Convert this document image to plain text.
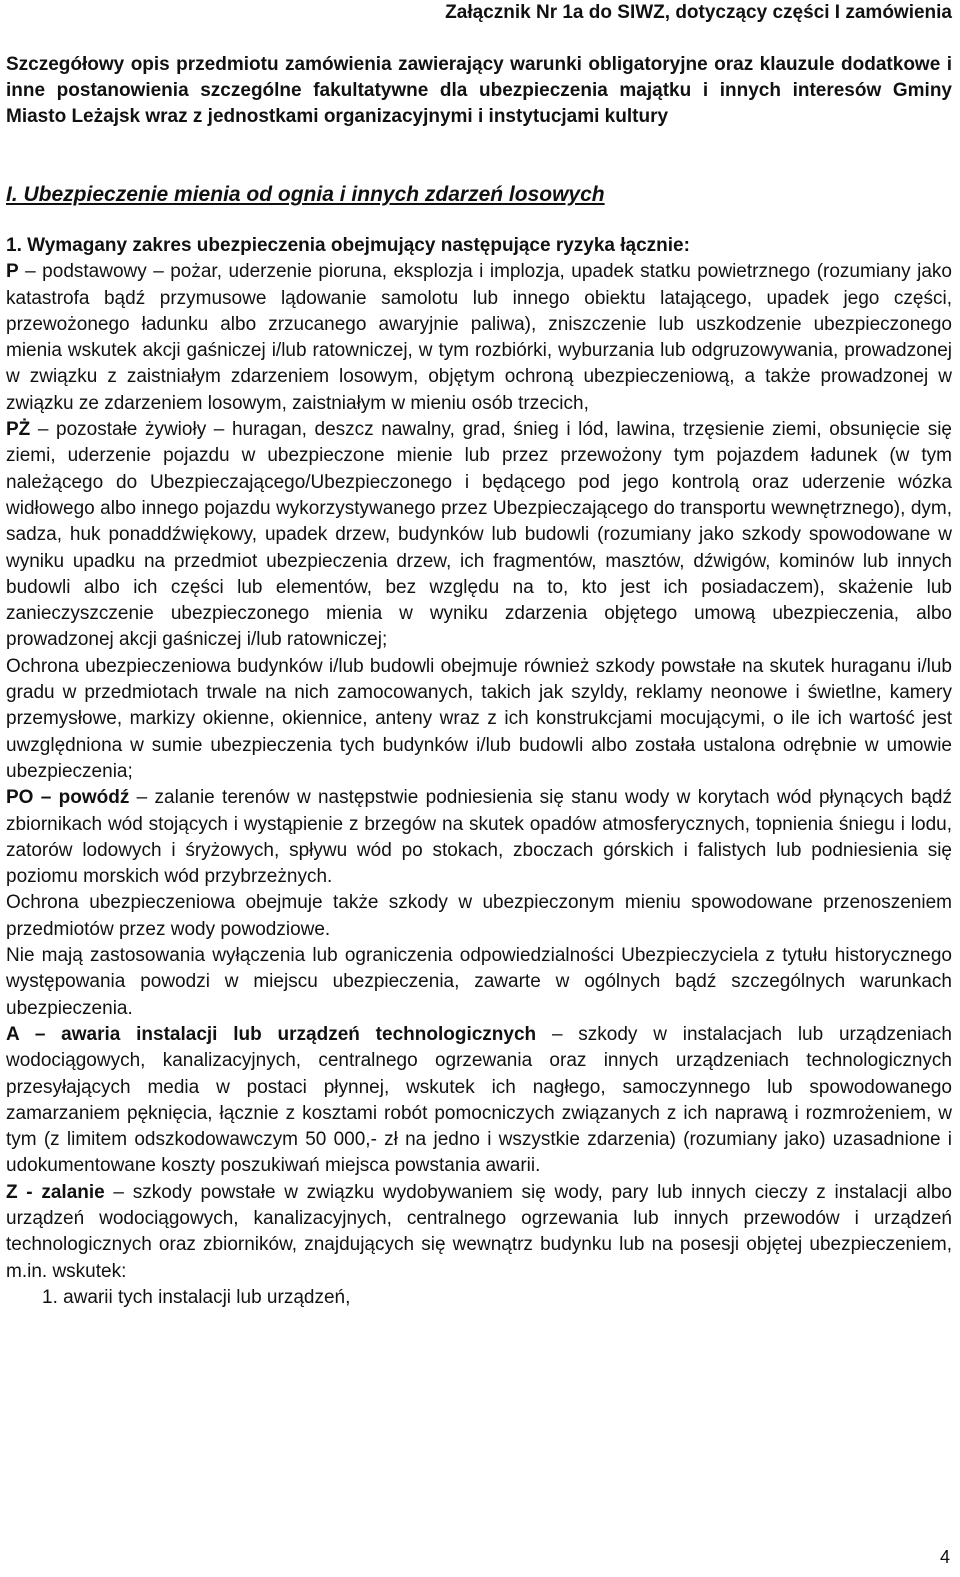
Załącznik Nr 1a do SIWZ, dotyczący części I zamówienia
Szczegółowy opis przedmiotu zamówienia zawierający warunki obligatoryjne oraz klauzule dodatkowe i inne postanowienia szczególne fakultatywne dla ubezpieczenia majątku i innych interesów Gminy Miasto Leżajsk wraz z jednostkami organizacyjnymi i instytucjami kultury
I. Ubezpieczenie mienia od ognia i innych zdarzeń losowych

1. Wymagany zakres ubezpieczenia obejmujący następujące ryzyka łącznie:

P – podstawowy – pożar, uderzenie pioruna, eksplozja i implozja, upadek statku powietrznego (rozumiany jako katastrofa bądź przymusowe lądowanie samolotu lub innego obiektu latającego, upadek jego części, przewożonego ładunku albo zrzucanego awaryjnie paliwa), zniszczenie lub uszkodzenie ubezpieczonego mienia wskutek akcji gaśniczej i/lub ratowniczej, w tym rozbiórki, wyburzania lub odgruzowywania, prowadzonej w związku z zaistniałym zdarzeniem losowym, objętym ochroną ubezpieczeniową, a także prowadzonej w związku ze zdarzeniem losowym, zaistniałym w mieniu osób trzecich,

PŻ – pozostałe żywioły – huragan, deszcz nawalny, grad, śnieg i lód, lawina, trzęsienie ziemi, obsunięcie się ziemi, uderzenie pojazdu w ubezpieczone mienie lub przez przewożony tym pojazdem ładunek (w tym należącego do Ubezpieczającego/Ubezpieczonego i będącego pod jego kontrolą oraz uderzenie wózka widłowego albo innego pojazdu wykorzystywanego przez Ubezpieczającego do transportu wewnętrznego), dym, sadza, huk ponaddźwiękowy, upadek drzew, budynków lub budowli (rozumiany jako szkody spowodowane w wyniku upadku na przedmiot ubezpieczenia drzew, ich fragmentów, masztów, dźwigów, kominów lub innych budowli albo ich części lub elementów, bez względu na to, kto jest ich posiadaczem), skażenie lub zanieczyszczenie ubezpieczonego mienia w wyniku zdarzenia objętego umową ubezpieczenia, albo prowadzonej akcji gaśniczej i/lub ratowniczej;

Ochrona ubezpieczeniowa budynków i/lub budowli obejmuje również szkody powstałe na skutek huraganu i/lub gradu w przedmiotach trwale na nich zamocowanych, takich jak szyldy, reklamy neonowe i świetlne, kamery przemysłowe, markizy okienne, okiennice, anteny wraz z ich konstrukcjami mocującymi, o ile ich wartość jest uwzględniona w sumie ubezpieczenia tych budynków i/lub budowli albo została ustalona odrębnie w umowie ubezpieczenia;

PO – powódź – zalanie terenów w następstwie podniesienia się stanu wody w korytach wód płynących bądź zbiornikach wód stojących i wystąpienie z brzegów na skutek opadów atmosferycznych, topnienia śniegu i lodu, zatorów lodowych i śryżowych, spływu wód po stokach, zboczach górskich i falistych lub podniesienia się poziomu morskich wód przybrzeżnych.

Ochrona ubezpieczeniowa obejmuje także szkody w ubezpieczonym mieniu spowodowane przenoszeniem przedmiotów przez wody powodziowe.

Nie mają zastosowania wyłączenia lub ograniczenia odpowiedzialności Ubezpieczyciela z tytułu historycznego występowania powodzi w miejscu ubezpieczenia, zawarte w ogólnych bądź szczególnych warunkach ubezpieczenia.

A – awaria instalacji lub urządzeń technologicznych – szkody w instalacjach lub urządzeniach wodociągowych, kanalizacyjnych, centralnego ogrzewania oraz innych urządzeniach technologicznych przesyłających media w postaci płynnej, wskutek ich nagłego, samoczynnego lub spowodowanego zamarzaniem pęknięcia, łącznie z kosztami robót pomocniczych związanych z ich naprawą i rozmrożeniem, w tym (z limitem odszkodowawczym 50 000,- zł na jedno i wszystkie zdarzenia) (rozumiany jako) uzasadnione i udokumentowane koszty poszukiwań miejsca powstania awarii.

Z - zalanie – szkody powstałe w związku wydobywaniem się wody, pary lub innych cieczy z instalacji albo urządzeń wodociągowych, kanalizacyjnych, centralnego ogrzewania lub innych przewodów i urządzeń technologicznych oraz zbiorników, znajdujących się wewnątrz budynku lub na posesji objętej ubezpieczeniem, m.in. wskutek:

1. awarii tych instalacji lub urządzeń,

4
